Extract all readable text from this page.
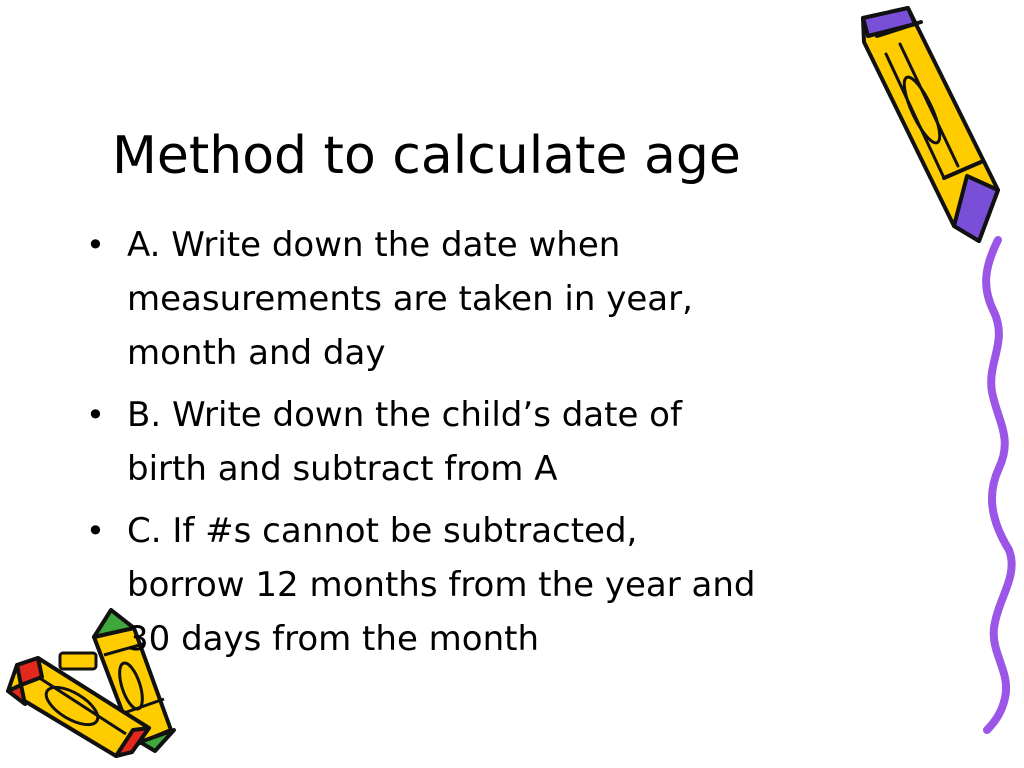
Method to calculate age
• A. Write down the date when
measurements are taken in year,
month and day
• B. Write down the child’s date of
birth and subtract from A
• C. If #s cannot be subtracted,
borrow 12 months from the year and
30 days from the month
